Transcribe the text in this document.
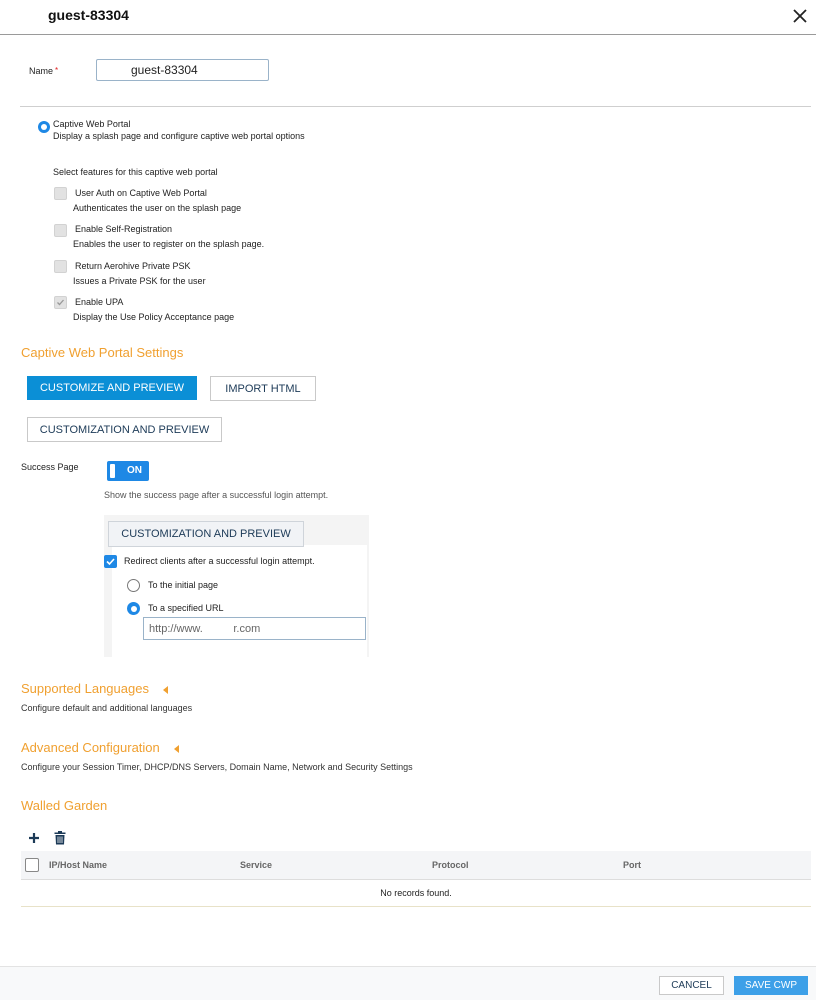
guest-83304
Name *
guest-83304
Captive Web Portal
Display a splash page and configure captive web portal options
Select features for this captive web portal
User Auth on Captive Web Portal
Authenticates the user on the splash page
Enable Self-Registration
Enables the user to register on the splash page.
Return Aerohive Private PSK
Issues a Private PSK for the user
Enable UPA
Display the Use Policy Acceptance page
Captive Web Portal Settings
CUSTOMIZE AND PREVIEW	IMPORT HTML
CUSTOMIZATION AND PREVIEW
Success Page	ON
Show the success page after a successful login attempt.
CUSTOMIZATION AND PREVIEW
Redirect clients after a successful login attempt.
To the initial page
To a specified URL
http://www. r.com
Supported Languages
Configure default and additional languages
Advanced Configuration
Configure your Session Timer, DHCP/DNS Servers, Domain Name, Network and Security Settings
Walled Garden
IP/Host Name	Service	Protocol	Port
No records found.
CANCEL	SAVE CWP
